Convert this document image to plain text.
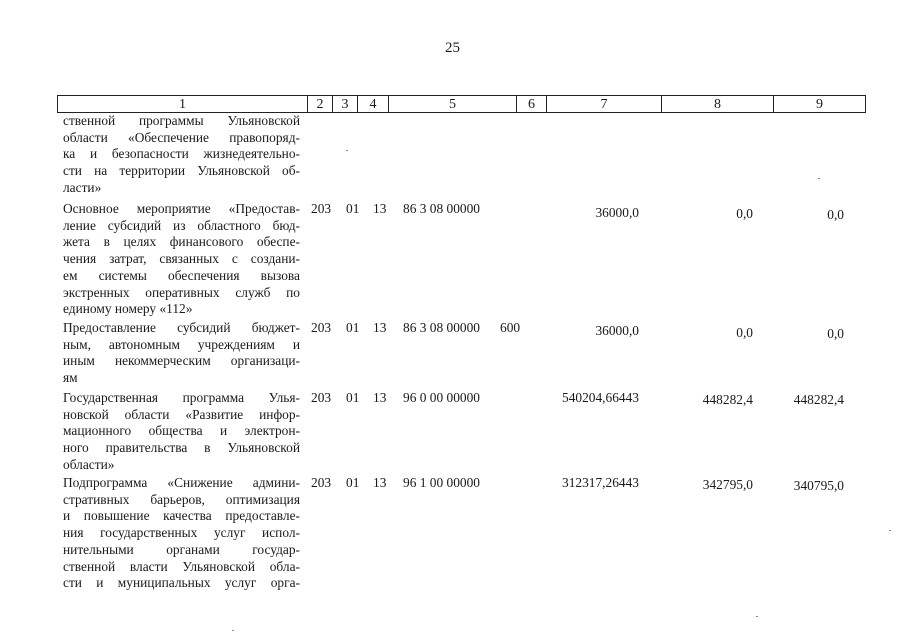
25
1	2	3	4	5	6	7	8	9
ственной программы Ульяновской
области «Обеспечение правопоряд-
ка и безопасности жизнедеятельно-
сти на территории Ульяновской об-
ласти»
Основное мероприятие «Предостав-
ление субсидий из областного бюд-
жета в целях финансового обеспе-
чения затрат, связанных с создани-
ем системы обеспечения вызова
экстренных оперативных служб по
единому номеру «112»
203 01 13 86 3 08 00000	36000,0	0,0	0,0
Предоставление субсидий бюджет-
ным, автономным учреждениям и
иным некоммерческим организаци-
ям
203 01 13 86 3 08 00000 600	36000,0	0,0	0,0
Государственная программа Улья-
новской области «Развитие инфор-
мационного общества и электрон-
ного правительства в Ульяновской
области»
203 01 13 96 0 00 00000	540204,66443	448282,4	448282,4
Подпрограмма «Снижение админи-
стративных барьеров, оптимизация
и повышение качества предоставле-
ния государственных услуг испол-
нительными органами государ-
ственной власти Ульяновской обла-
сти и муниципальных услуг орга-
203 01 13 96 1 00 00000	312317,26443	342795,0	340795,0
